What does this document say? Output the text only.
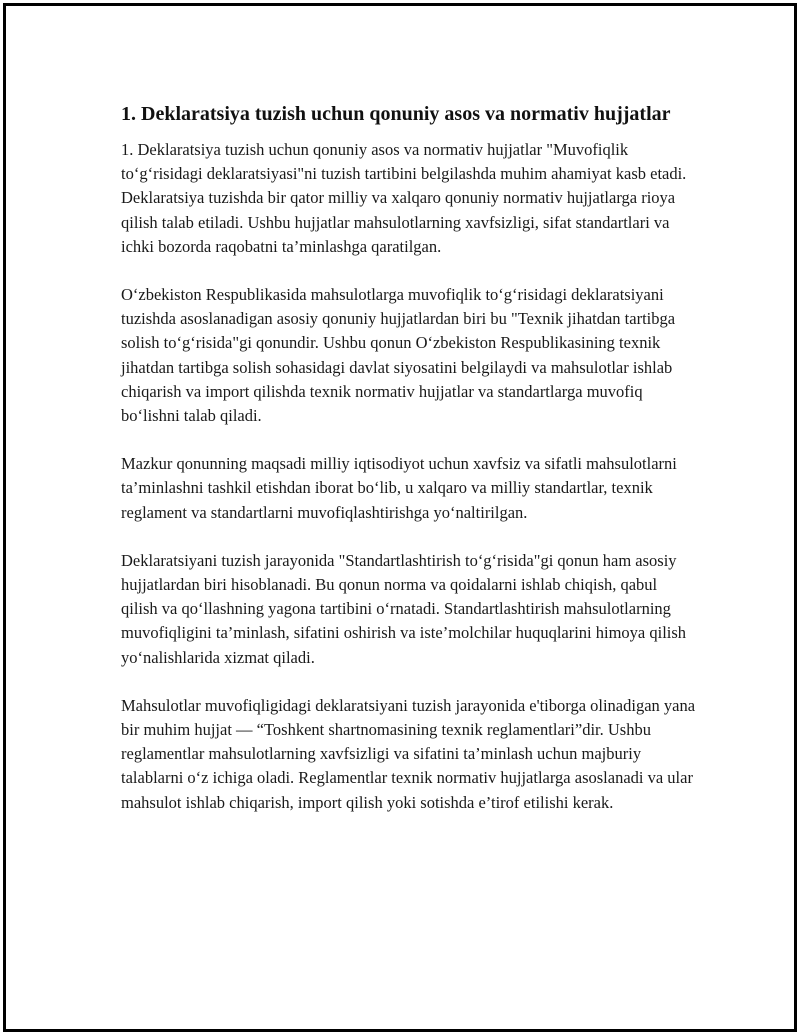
1. Deklaratsiya tuzish uchun qonuniy asos va normativ hujjatlar

1. Deklaratsiya tuzish uchun qonuniy asos va normativ hujjatlar "Muvofiqlik to‘g‘risidagi deklaratsiyasi"ni tuzish tartibini belgilashda muhim ahamiyat kasb etadi. Deklaratsiya tuzishda bir qator milliy va xalqaro qonuniy normativ hujjatlarga rioya qilish talab etiladi. Ushbu hujjatlar mahsulotlarning xavfsizligi, sifat standartlari va ichki bozorda raqobatni ta’minlashga qaratilgan.

O‘zbekiston Respublikasida mahsulotlarga muvofiqlik to‘g‘risidagi deklaratsiyani tuzishda asoslanadigan asosiy qonuniy hujjatlardan biri bu "Texnik jihatdan tartibga solish to‘g‘risida"gi qonundir. Ushbu qonun O‘zbekiston Respublikasining texnik jihatdan tartibga solish sohasidagi davlat siyosatini belgilaydi va mahsulotlar ishlab chiqarish va import qilishda texnik normativ hujjatlar va standartlarga muvofiq bo‘lishni talab qiladi.

Mazkur qonunning maqsadi milliy iqtisodiyot uchun xavfsiz va sifatli mahsulotlarni ta’minlashni tashkil etishdan iborat bo‘lib, u xalqaro va milliy standartlar, texnik reglament va standartlarni muvofiqlashtirishga yo‘naltirilgan.

Deklaratsiyani tuzish jarayonida "Standartlashtirish to‘g‘risida"gi qonun ham asosiy hujjatlardan biri hisoblanadi. Bu qonun norma va qoidalarni ishlab chiqish, qabul qilish va qo‘llashning yagona tartibini o‘rnatadi. Standartlashtirish mahsulotlarning muvofiqligini ta’minlash, sifatini oshirish va iste’molchilar huquqlarini himoya qilish yo‘nalishlarida xizmat qiladi.

Mahsulotlar muvofiqligidagi deklaratsiyani tuzish jarayonida e'tiborga olinadigan yana bir muhim hujjat — “Toshkent shartnomasining texnik reglamentlari”dir. Ushbu reglamentlar mahsulotlarning xavfsizligi va sifatini ta’minlash uchun majburiy talablarni o‘z ichiga oladi. Reglamentlar texnik normativ hujjatlarga asoslanadi va ular mahsulot ishlab chiqarish, import qilish yoki sotishda e’tirof etilishi kerak.
